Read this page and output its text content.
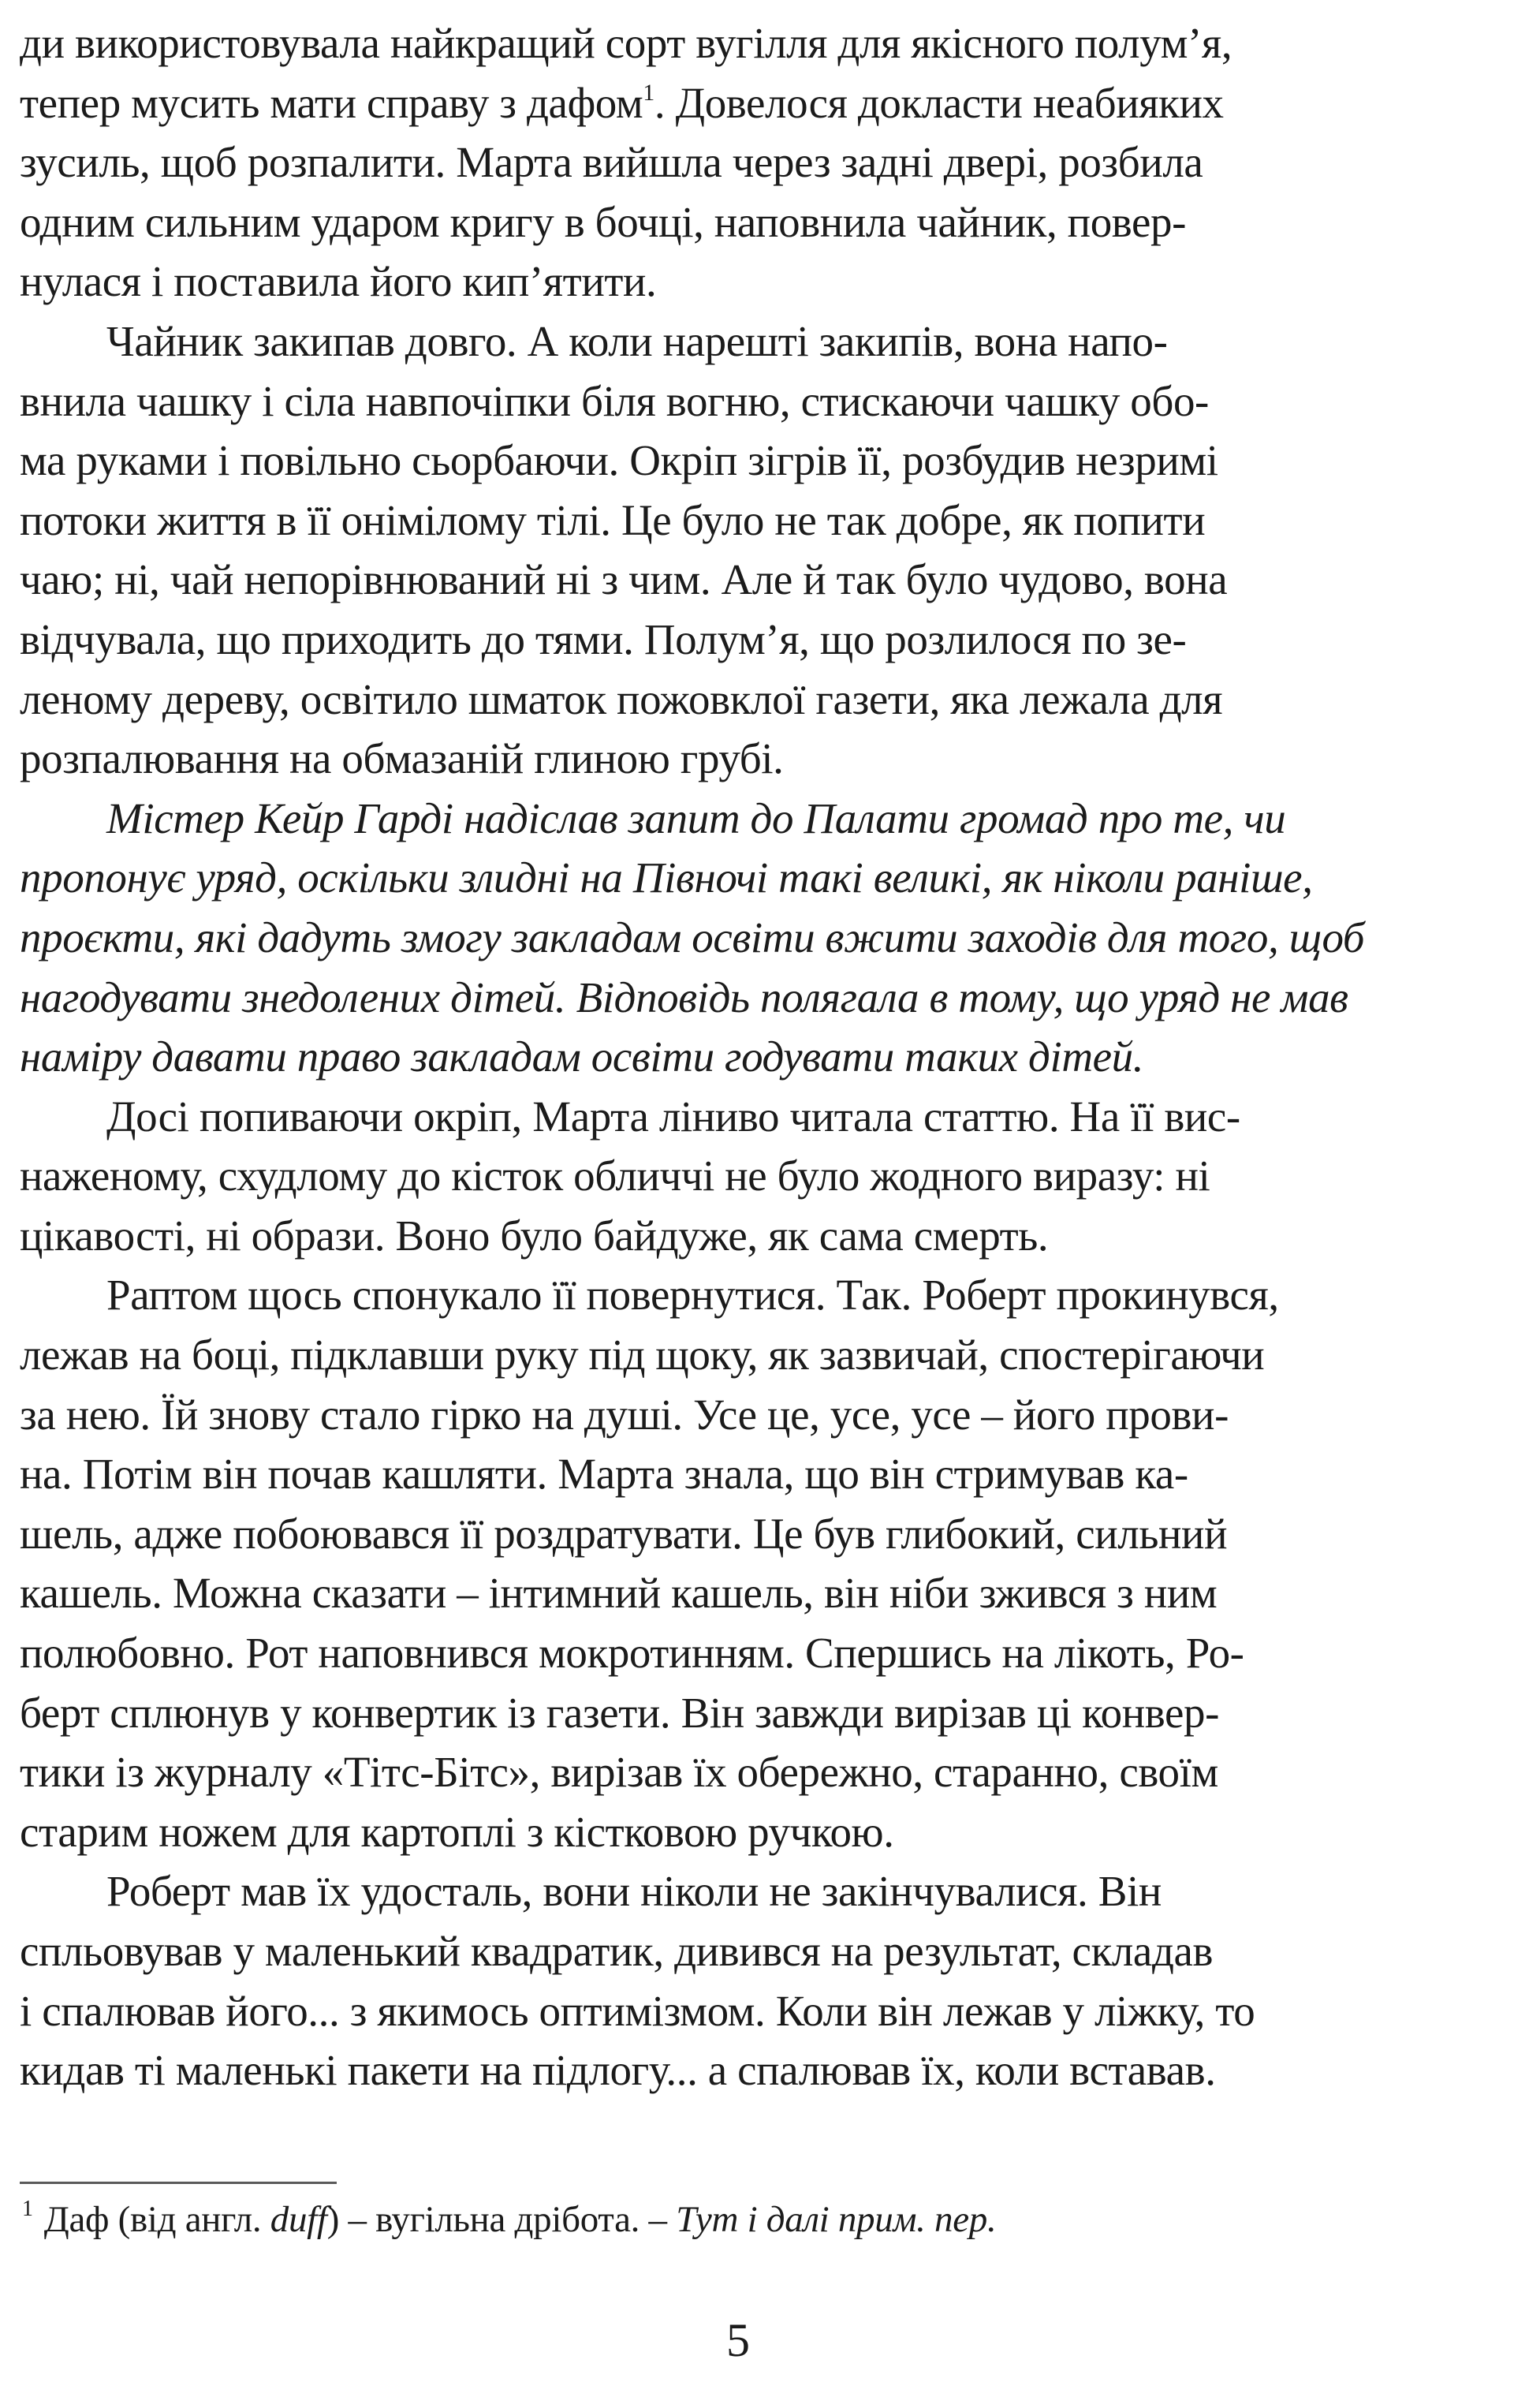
ди використовувала найкращий сорт вугілля для якісного полум’я,
тепер мусить мати справу з дафом$^1$. Довелося докласти неабияких
зусиль, щоб розпалити. Марта вийшла через задні двері, розбила
одним сильним ударом кригу в бочці, наповнила чайник, повер-
нулася і поставила його кип’ятити.
Чайник закипав довго. А коли нарешті закипів, вона напо-
внила чашку і сіла навпочіпки біля вогню, стискаючи чашку обо-
ма руками і повільно сьорбаючи. Окріп зігрів її, розбудив незримі
потоки життя в її онімілому тілі. Це було не так добре, як попити
чаю; ні, чай непорівнюваний ні з чим. Але й так було чудово, вона
відчувала, що приходить до тями. Полум’я, що розлилося по зе-
леному дереву, освітило шматок пожовклої газети, яка лежала для
розпалювання на обмазаній глиною грубі.
Містер Кейр Гарді надіслав запит до Палати громад про те, чи
пропонує уряд, оскільки злидні на Півночі такі великі, як ніколи раніше,
проєкти, які дадуть змогу закладам освіти вжити заходів для того, щоб
нагодувати знедолених дітей. Відповідь полягала в тому, що уряд не мав
наміру давати право закладам освіти годувати таких дітей.
Досі попиваючи окріп, Марта ліниво читала статтю. На її вис-
наженому, схудлому до кісток обличчі не було жодного виразу: ні
цікавості, ні образи. Воно було байдуже, як сама смерть.
Раптом щось спонукало її повернутися. Так. Роберт прокинувся,
лежав на боці, підклавши руку під щоку, як зазвичай, спостерігаючи
за нею. Їй знову стало гірко на душі. Усе це, усе, усе – його прови-
на. Потім він почав кашляти. Марта знала, що він стримував ка-
шель, адже побоювався її роздратувати. Це був глибокий, сильний
кашель. Можна сказати – інтимний кашель, він ніби зжився з ним
полюбовно. Рот наповнився мокротинням. Спершись на лікоть, Ро-
берт сплюнув у конвертик із газети. Він завжди вирізав ці конвер-
тики із журналу «Тітс-Бітс», вирізав їх обережно, старанно, своїм
старим ножем для картоплі з кістковою ручкою.
Роберт мав їх удосталь, вони ніколи не закінчувалися. Він
спльовував у маленький квадратик, дивився на результат, складав
і спалював його... з якимось оптимізмом. Коли він лежав у ліжку, то
кидав ті маленькі пакети на підлогу... а спалював їх, коли вставав.
$^1$ Даф (від англ. duff) – вугільна дрібота. – Тут і далі прим. пер.
5
